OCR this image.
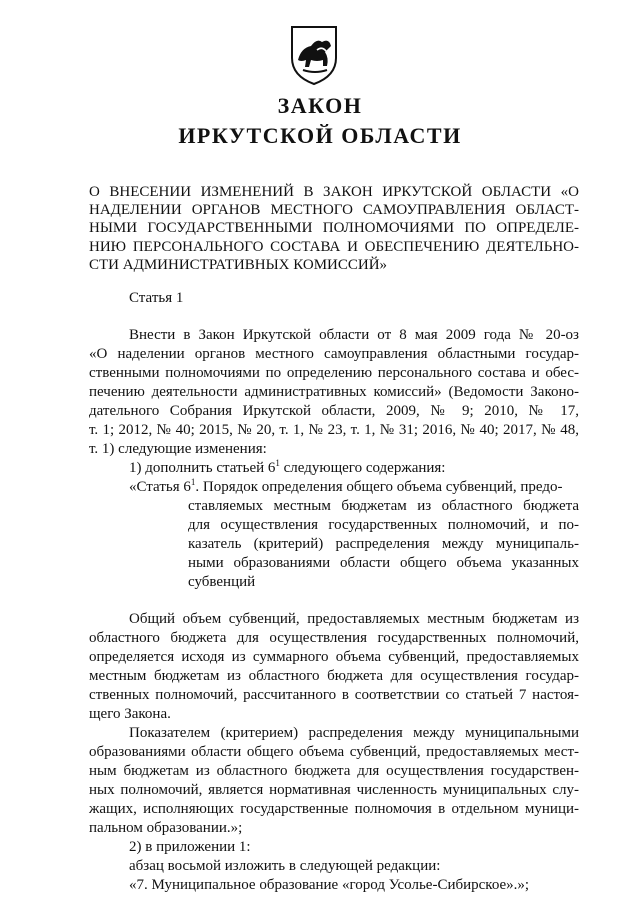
ЗАКОН
ИРКУТСКОЙ ОБЛАСТИ
О ВНЕСЕНИИ ИЗМЕНЕНИЙ В ЗАКОН ИРКУТСКОЙ ОБЛАСТИ «О
НАДЕЛЕНИИ ОРГАНОВ МЕСТНОГО САМОУПРАВЛЕНИЯ ОБЛАСТ-
НЫМИ ГОСУДАРСТВЕННЫМИ ПОЛНОМОЧИЯМИ ПО ОПРЕДЕЛЕ-
НИЮ ПЕРСОНАЛЬНОГО СОСТАВА И ОБЕСПЕЧЕНИЮ ДЕЯТЕЛЬНО-
СТИ АДМИНИСТРАТИВНЫХ КОМИССИЙ»
Статья 1
Внести в Закон Иркутской области от 8 мая 2009 года № 20-оз
«О наделении органов местного самоуправления областными государ-
ственными полномочиями по определению персонального состава и обес-
печению деятельности административных комиссий» (Ведомости Законо-
дательного Собрания Иркутской области, 2009, № 9; 2010, № 17,
т. 1; 2012, № 40; 2015, № 20, т. 1, № 23, т. 1, № 31; 2016, № 40; 2017, № 48,
т. 1) следующие изменения:
1) дополнить статьей $6^1$ следующего содержания:
«Статья $6^1$. Порядок определения общего объема субвенций, предо-
ставляемых местным бюджетам из областного бюджета
для осуществления государственных полномочий, и по-
казатель (критерий) распределения между муниципаль-
ными образованиями области общего объема указанных
субвенций
Общий объем субвенций, предоставляемых местным бюджетам из
областного бюджета для осуществления государственных полномочий,
определяется исходя из суммарного объема субвенций, предоставляемых
местным бюджетам из областного бюджета для осуществления государ-
ственных полномочий, рассчитанного в соответствии со статьей 7 настоя-
щего Закона.
Показателем (критерием) распределения между муниципальными
образованиями области общего объема субвенций, предоставляемых мест-
ным бюджетам из областного бюджета для осуществления государствен-
ных полномочий, является нормативная численность муниципальных слу-
жащих, исполняющих государственные полномочия в отдельном муници-
пальном образовании.»;
2) в приложении 1:
абзац восьмой изложить в следующей редакции:
«7. Муниципальное образование «город Усолье-Сибирское».»;
